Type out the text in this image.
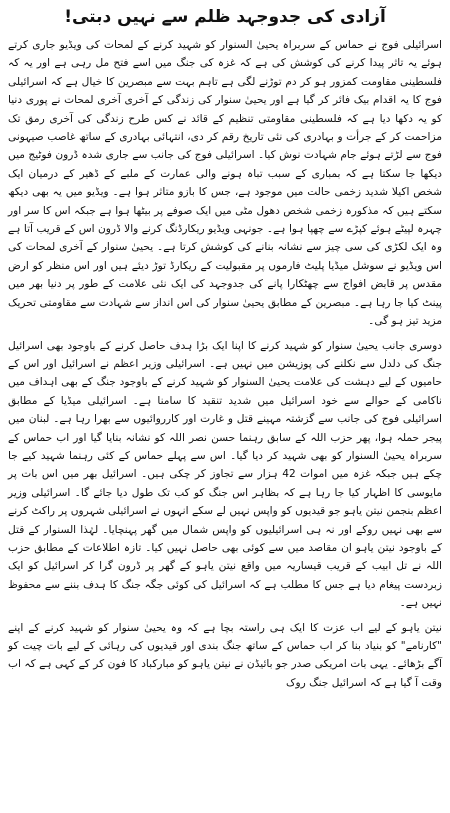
آزادی کی جدوجہد ظلم سے نہیں دبتی!

اسرائیلی فوج نے حماس کے سربراہ یحییٰ السنوار کو شہید کرنے کے لمحات کی ویڈیو جاری کرتے ہوئے یہ تاثر پیدا کرنے کی کوشش کی ہے کہ غزہ کی جنگ میں اسے فتح مل رہی ہے اور یہ کہ فلسطینی مقاومت کمزور ہو کر دم توڑنے لگی ہے تاہم بہت سے مبصرین کا خیال ہے کہ اسرائیلی فوج کا یہ اقدام بیک فائر کر گیا ہے اور یحییٰ سنوار کی زندگی کے آخری آخری لمحات نے پوری دنیا کو یہ دکھا دیا ہے کہ فلسطینی مقاومتی تنظیم کے قائد نے کس طرح زندگی کی آخری رمق تک مزاحمت کر کے جرأت و بہادری کی نئی تاریخ رقم کر دی، انتہائی بہادری کے ساتھ غاصب صیہونی فوج سے لڑتے ہوئے جام شہادت نوش کیا۔ اسرائیلی فوج کی جانب سے جاری شدہ ڈرون فوٹیج میں دیکھا جا سکتا ہے کہ بمباری کے سبب تباہ ہونے والی عمارت کے ملبے کے ڈھیر کے درمیان ایک شخص اکیلا شدید زخمی حالت میں موجود ہے، جس کا بازو متاثر ہوا ہے۔ ویڈیو میں یہ بھی دیکھ سکتے ہیں کہ مذکورہ زخمی شخص دھول مٹی میں ایک صوفے پر بیٹھا ہوا ہے جبکہ اس کا سر اور چہرہ لپیٹے ہوئے کپڑے سے چھپا ہوا ہے۔ جونہی ویڈیو ریکارڈنگ کرنے والا ڈرون اس کے قریب آتا ہے وہ ایک لکڑی کی سی چیز سے نشانہ بنانے کی کوشش کرتا ہے۔ یحییٰ سنوار کے آخری لمحات کی اس ویڈیو نے سوشل میڈیا پلیٹ فارموں پر مقبولیت کے ریکارڈ توڑ دیئے ہیں اور اس منظر کو ارض مقدس پر قابض افواج سے چھٹکارا پانے کی جدوجہد کی ایک نئی علامت کے طور پر دنیا بھر میں پینٹ کیا جا رہا ہے۔ مبصرین کے مطابق یحییٰ سنوار کی اس انداز سے شہادت سے مقاومتی تحریک مزید تیز ہو گی۔

دوسری جانب یحییٰ سنوار کو شہید کرنے کا اپنا ایک بڑا ہدف حاصل کرنے کے باوجود بھی اسرائیل جنگ کی دلدل سے نکلنے کی پوزیشن میں نہیں ہے۔ اسرائیلی وزیر اعظم نے اسرائیل اور اس کے حامیوں کے لیے دہشت کی علامت یحییٰ السنوار کو شہید کرنے کے باوجود جنگ کے بھی اہداف میں ناکامی کے حوالے سے خود اسرائیل میں شدید تنقید کا سامنا ہے۔ اسرائیلی میڈیا کے مطابق اسرائیلی فوج کی جانب سے گزشتہ مہینے قتل و غارت اور کارروائیوں سے بھرا رہا ہے۔ لبنان میں پیجر حملہ ہوا، پھر حزب اللہ کے سابق رہنما حسن نصر اللہ کو نشانہ بنایا گیا اور اب حماس کے سربراہ یحییٰ السنوار کو بھی شہید کر دیا گیا۔ اس سے پہلے حماس کے کئی رہنما شہید کیے جا چکے ہیں جبکہ غزہ میں اموات 42 ہزار سے تجاوز کر چکی ہیں۔ اسرائیل بھر میں اس بات پر مایوسی کا اظہار کیا جا رہا ہے کہ بظاہر اس جنگ کو کب تک طول دیا جائے گا۔ اسرائیلی وزیر اعظم بنجمن نیتن یاہو جو قیدیوں کو واپس نہیں لے سکے انہوں نے اسرائیلی شہروں پر راکٹ کرنے سے بھی نہیں روکے اور نہ ہی اسرائیلیوں کو واپس شمال میں گھر پہنچایا۔ لہٰذا السنوار کے قتل کے باوجود نیتن یاہو ان مقاصد میں سے کوئی بھی حاصل نہیں کیا۔ تازہ اطلاعات کے مطابق حزب اللہ نے تل ابیب کے قریب قیساریہ میں واقع نیتن یاہو کے گھر پر ڈرون گرا کر اسرائیل کو ایک زبردست پیغام دیا ہے جس کا مطلب ہے کہ اسرائیل کی کوئی جگہ جنگ کا ہدف بننے سے محفوظ نہیں ہے۔

نیتن یاہو کے لیے اب عزت کا ایک ہی راستہ بچا ہے کہ وہ یحییٰ سنوار کو شہید کرنے کے اپنے "کارنامے" کو بنیاد بنا کر اب حماس کے ساتھ جنگ بندی اور قیدیوں کی رہائی کے لیے بات چیت کو آگے بڑھائے۔ یہی بات امریکی صدر جو بائیڈن نے نیتن یاہو کو مبارکباد کا فون کر کے کہی ہے کہ اب وقت آ گیا ہے کہ اسرائیل جنگ روک
